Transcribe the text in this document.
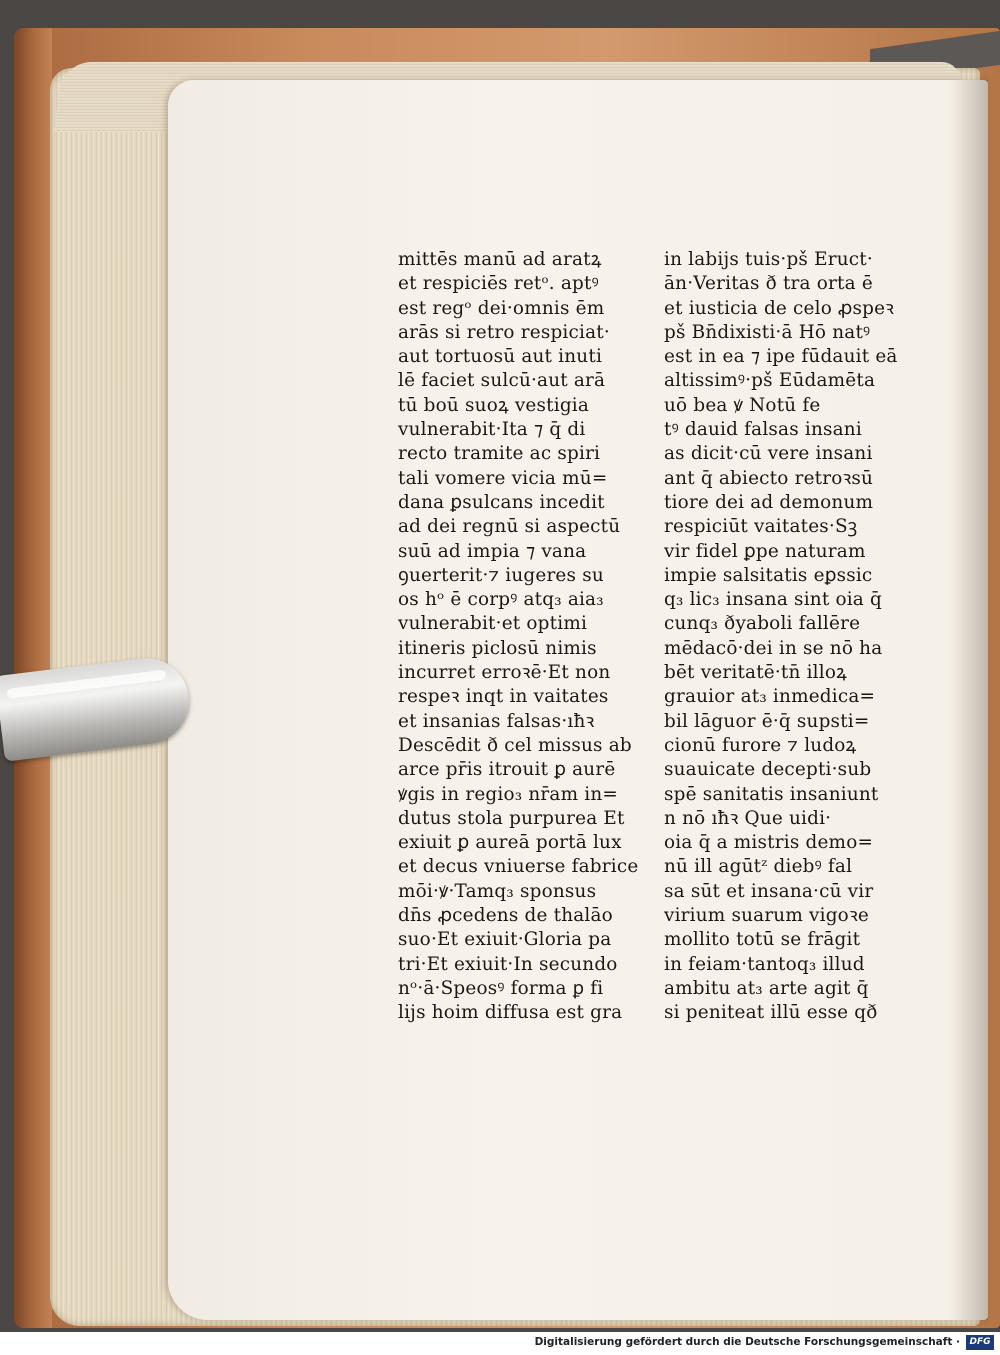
mittēs manū ad aratꝝ
et respiciēs retᵒ. aptꝰ
est regᵒ dei·omnis ēm
arās si retro respiciat·
aut tortuosū aut inuti
lē faciet sulcū·aut arā
tū boū suoꝝ vestigia
vulnerabit·Ita ⁊ q̄ di
recto tramite ac spiri
tali vomere vicia mū=
dana ꝑsulcans incedit
ad dei regnū si aspectū
suū ad impia ⁊ vana
ꝯuerterit·⁊ iugeres su
os hᵒ ē corpꝰ atq₃ aia₃
vulnerabit·et optimi
itineris piclosū nimis
incurret erroꝛē·Et non
respeꝛ inqt in vaitates
et insanias falsas·ıħꝛ
Descēdit ð cel missus ab
arce pr̄is itrouit ꝑ aurē
ꝟgis in regio₃ nr̄am in=
dutus stola purpurea Et
exiuit ꝑ aureā portā lux
et decus vniuerse fabrice
mōi·ꝟ·Tamq₃ sponsus
dn̄s ꝓcedens de thalāo
suo·Et exiuit·Gloria pa
tri·Et exiuit·In secundo
nᵒ·ā·Speosꝰ forma ꝑ fi
lijs hoim diffusa est gra
in labijs tuis·pš Eruct·
ān·Veritas ð tra orta ē
et iusticia de celo ꝓspeꝛ
pš Bn̄dixisti·ā Hō natꝰ
est in ea ⁊ ipe fūdauit eā
altissimꝰ·pš Eūdamēta
uō bea ꝟ Notū fe
tꝰ dauid falsas insani
as dicit·cū vere insani
ant q̄ abiecto retroꝛsū
tiore dei ad demonum
respiciūt vaitates·Sꝫ
vir fidel ꝑpe naturam
impie salsitatis eꝑssic
q₃ lic₃ insana sint oia q̄
cunq₃ ðyaboli fallēre
mēdacō·dei in se nō ha
bēt veritatē·tn̄ illoꝝ
grauior at₃ inmedica=
bil lāguor ē·q̄ supsti=
cionū furore ⁊ ludoꝝ
suauicate decepti·sub
spē sanitatis insaniunt
n nō ıħꝛ Que uidi·
oia q̄ a mistris demo=
nū ill agūtᶻ diebꝰ fal
sa sūt et insana·cū vir
virium suarum vigoꝛe
mollito totū se frāgit
in feiam·tantoq₃ illud
ambitu at₃ arte agit q̄
si peniteat illū esse qð
Digitalisierung gefördert durch die Deutsche Forschungsgemeinschaft ·	DFG
